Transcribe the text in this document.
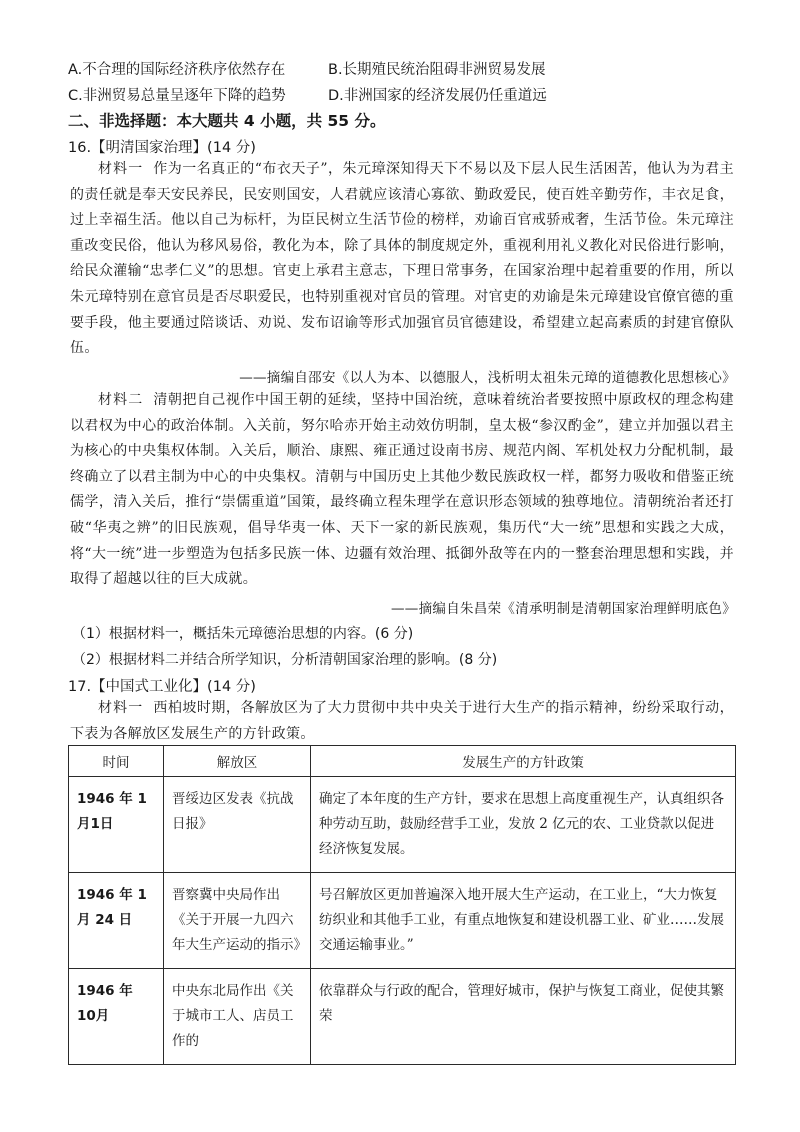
A.不合理的国际经济秩序依然存在	B.长期殖民统治阻碍非洲贸易发展
C.非洲贸易总量呈逐年下降的趋势	D.非洲国家的经济发展仍任重道远
二、非选择题：本大题共 4 小题，共 55 分。
16.【明清国家治理】(14 分)
材料一 作为一名真正的“布衣天子”，朱元璋深知得天下不易以及下层人民生活困苦，他认为为君主的责任就是奉天安民养民，民安则国安，人君就应该清心寡欲、勤政爱民，使百姓辛勤劳作，丰衣足食，过上幸福生活。他以自己为标杆，为臣民树立生活节俭的榜样，劝谕百官戒骄戒奢，生活节俭。朱元璋注重改变民俗，他认为移风易俗，教化为本，除了具体的制度规定外，重视利用礼义教化对民俗进行影响，给民众灌输“忠孝仁义”的思想。官吏上承君主意志，下理日常事务，在国家治理中起着重要的作用，所以朱元璋特别在意官员是否尽职爱民，也特别重视对官员的管理。对官吏的劝谕是朱元璋建设官僚官德的重要手段，他主要通过陪谈话、劝说、发布诏谕等形式加强官员官德建设，希望建立起高素质的封建官僚队伍。
——摘编自邵安《以人为本、以德服人，浅析明太祖朱元璋的道德教化思想核心》
材料二 清朝把自己视作中国王朝的延续，坚持中国治统，意味着统治者要按照中原政权的理念构建以君权为中心的政治体制。入关前，努尔哈赤开始主动效仿明制，皇太极“参汉酌金”，建立并加强以君主为核心的中央集权体制。入关后，顺治、康熙、雍正通过设南书房、规范内阁、军机处权力分配机制，最终确立了以君主制为中心的中央集权。清朝与中国历史上其他少数民族政权一样，都努力吸收和借鉴正统儒学，清入关后，推行“崇儒重道”国策，最终确立程朱理学在意识形态领域的独尊地位。清朝统治者还打破“华夷之辨”的旧民族观，倡导华夷一体、天下一家的新民族观，集历代“大一统”思想和实践之大成，将“大一统”进一步塑造为包括多民族一体、边疆有效治理、抵御外敌等在内的一整套治理思想和实践，并取得了超越以往的巨大成就。
——摘编自朱昌荣《清承明制是清朝国家治理鲜明底色》
（1）根据材料一，概括朱元璋德治思想的内容。(6 分)
（2）根据材料二并结合所学知识，分析清朝国家治理的影响。(8 分)
17.【中国式工业化】(14 分)
材料一 西柏坡时期，各解放区为了大力贯彻中共中央关于进行大生产的指示精神，纷纷采取行动，下表为各解放区发展生产的方针政策。
时间	解放区	发展生产的方针政策
1946 年 1月1日	晋绥边区发表《抗战日报》	确定了本年度的生产方针，要求在思想上高度重视生产，认真组织各种劳动互助，鼓励经营手工业，发放 2 亿元的农、工业贷款以促进经济恢复发展。
1946 年 1 月 24 日	晋察冀中央局作出《关于开展一九四六年大生产运动的指示》	号召解放区更加普遍深入地开展大生产运动，在工业上，“大力恢复纺织业和其他手工业，有重点地恢复和建设机器工业、矿业……发展交通运输事业。”
1946 年 10月	中央东北局作出《关于城市工人、店员工作的	依靠群众与行政的配合，管理好城市，保护与恢复工商业，促使其繁荣
